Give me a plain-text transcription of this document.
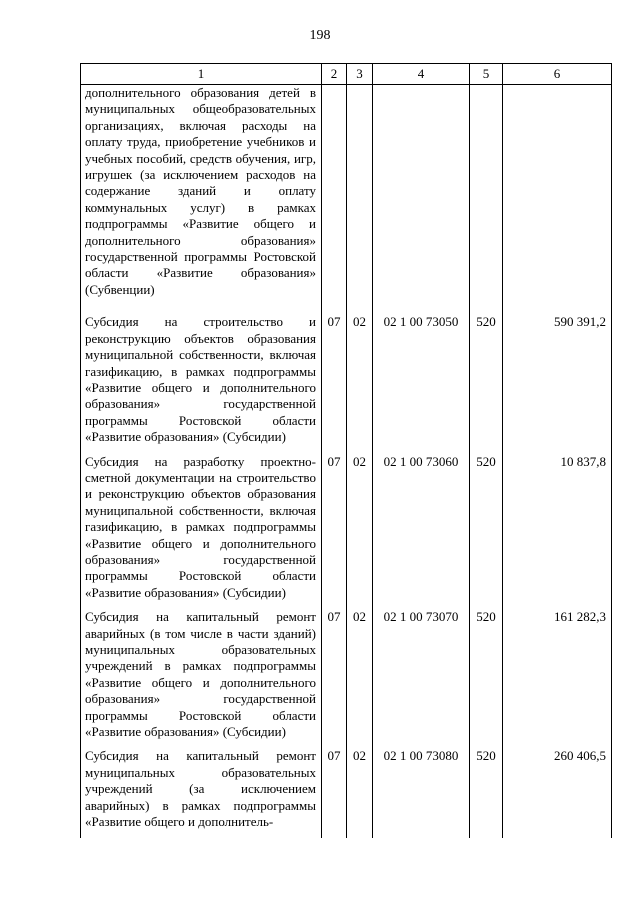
198
1	2	3	4	5	6
дополнительного образования детей в муниципальных общеобразовательных организациях, включая расходы на оплату труда, приобретение учебников и учебных пособий, средств обучения, игр, игрушек (за исключением расходов на содержание зданий и оплату коммунальных услуг) в рамках подпрограммы «Развитие общего и дополнительного образования» государственной программы Ростовской области «Развитие образования» (Субвенции)					
Субсидия на строительство и реконструкцию объектов образования муниципальной собственности, включая газификацию, в рамках подпрограммы «Развитие общего и дополнительного образования» государственной программы Ростовской области «Развитие образования» (Субсидии)	07	02	02 1 00 73050	520	590 391,2
Субсидия на разработку проектно-сметной документации на строительство и реконструкцию объектов образования муниципальной собственности, включая газификацию, в рамках подпрограммы «Развитие общего и дополнительного образования» государственной программы Ростовской области «Развитие образования» (Субсидии)	07	02	02 1 00 73060	520	10 837,8
Субсидия на капитальный ремонт аварийных (в том числе в части зданий) муниципальных образовательных учреждений в рамках подпрограммы «Развитие общего и дополнительного образования» государственной программы Ростовской области «Развитие образования» (Субсидии)	07	02	02 1 00 73070	520	161 282,3
Субсидия на капитальный ремонт муниципальных образовательных учреждений (за исключением аварийных) в рамках подпрограммы «Развитие общего и дополнитель-	07	02	02 1 00 73080	520	260 406,5
